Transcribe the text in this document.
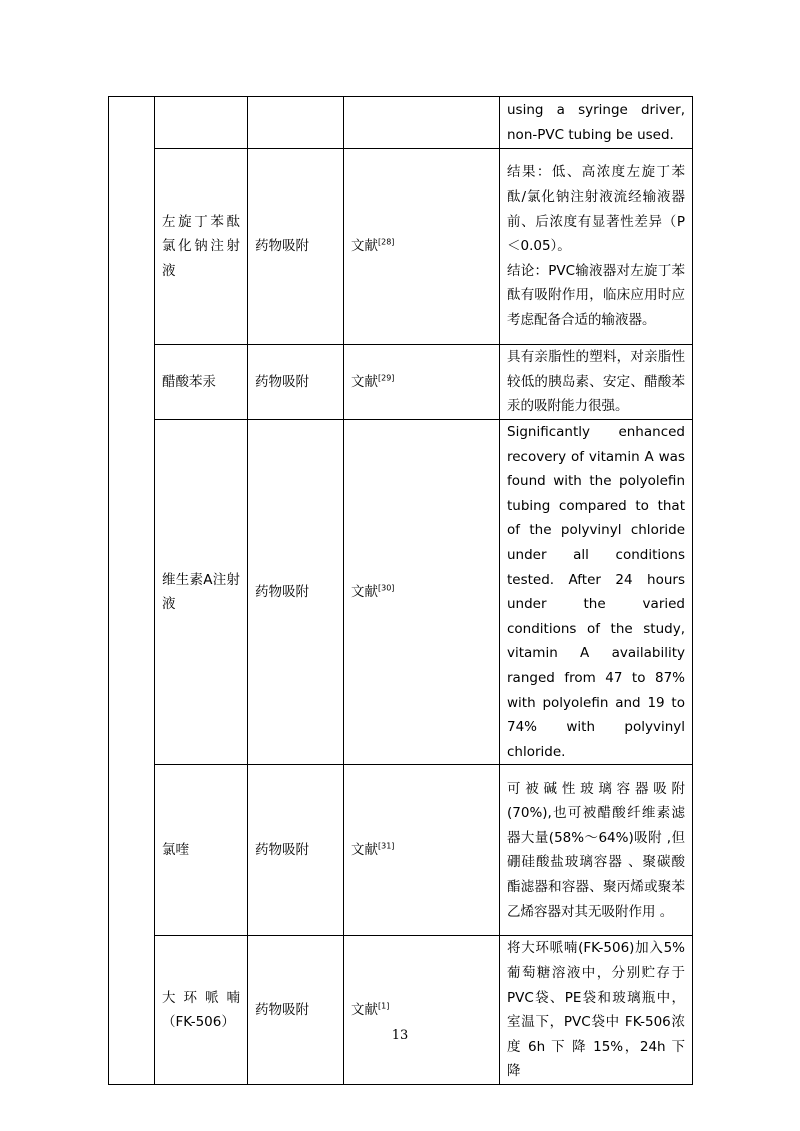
				using a syringe driver, non-PVC tubing be used.

	左旋丁苯酞氯化钠注射液	药物吸附	文献[28]	结果：低、高浓度左旋丁苯酞/氯化钠注射液流经输液器前、后浓度有显著性差异（P＜0.05）。
结论：PVC输液器对左旋丁苯酞有吸附作用，临床应用时应考虑配备合适的输液器。

	醋酸苯汞	药物吸附	文献[29]	具有亲脂性的塑料，对亲脂性较低的胰岛素、安定、醋酸苯汞的吸附能力很强。

	维生素A注射液	药物吸附	文献[30]	Significantly enhanced recovery of vitamin A was found with the polyolefin tubing compared to that of the polyvinyl chloride under all conditions tested. After 24 hours under the varied conditions of the study, vitamin A availability ranged from 47 to 87% with polyolefin and 19 to 74% with polyvinyl chloride.

	氯喹	药物吸附	文献[31]	可被碱性玻璃容器吸附(70%),也可被醋酸纤维素滤器大量(58%～64%)吸附 ,但硼硅酸盐玻璃容器 、聚碳酸酯滤器和容器、聚丙烯或聚苯乙烯容器对其无吸附作用 。

	大环哌喃（FK-506）	药物吸附	文献[1]	将大环哌喃(FK-506)加入5%葡萄糖溶液中，分别贮存于PVC袋、PE袋和玻璃瓶中，室温下，PVC袋中 FK-506浓度 6h 下 降 15%，24h 下 降
13
